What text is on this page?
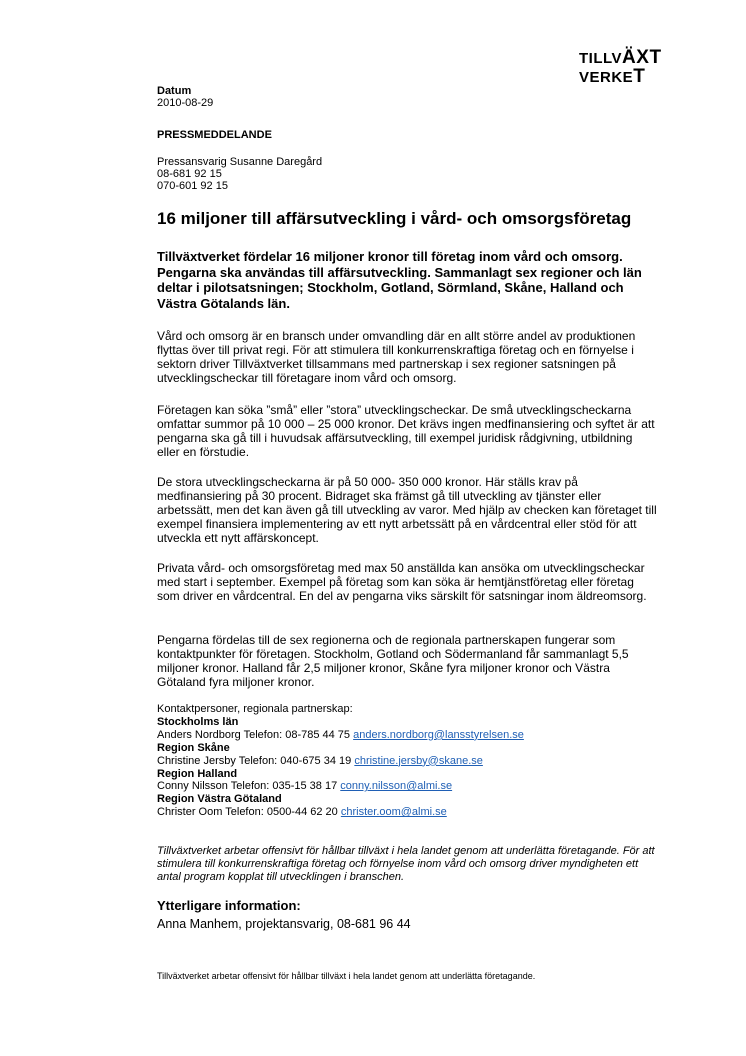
TILLVÄXT
VERKET
Datum
2010-08-29
PRESSMEDDELANDE
Pressansvarig Susanne Daregård
08-681 92 15
070-601 92 15
16 miljoner till affärsutveckling i vård- och omsorgsföretag
Tillväxtverket fördelar 16 miljoner kronor till företag inom vård och omsorg. Pengarna ska användas till affärsutveckling. Sammanlagt sex regioner och län deltar i pilotsatsningen; Stockholm, Gotland, Sörmland, Skåne, Halland och Västra Götalands län.
Vård och omsorg är en bransch under omvandling där en allt större andel av produktionen flyttas över till privat regi. För att stimulera till konkurrenskraftiga företag och en förnyelse i sektorn driver Tillväxtverket tillsammans med partnerskap i sex regioner satsningen på utvecklingscheckar till företagare inom vård och omsorg.
Företagen kan söka ”små” eller ”stora” utvecklingscheckar. De små utvecklingscheckarna omfattar summor på 10 000 – 25 000 kronor. Det krävs ingen medfinansiering och syftet är att pengarna ska gå till i huvudsak affärsutveckling, till exempel juridisk rådgivning, utbildning eller en förstudie.
De stora utvecklingscheckarna är på 50 000- 350 000 kronor. Här ställs krav på medfinansiering på 30 procent. Bidraget ska främst gå till utveckling av tjänster eller arbetssätt, men det kan även gå till utveckling av varor. Med hjälp av checken kan företaget till exempel finansiera implementering av ett nytt arbetssätt på en vårdcentral eller stöd för att utveckla ett nytt affärskoncept.
Privata vård- och omsorgsföretag med max 50 anställda kan ansöka om utvecklingscheckar med start i september. Exempel på företag som kan söka är hemtjänstföretag eller företag som driver en vårdcentral. En del av pengarna viks särskilt för satsningar inom äldreomsorg.
Pengarna fördelas till de sex regionerna och de regionala partnerskapen fungerar som kontaktpunkter för företagen. Stockholm, Gotland och Södermanland får sammanlagt 5,5 miljoner kronor. Halland får 2,5 miljoner kronor, Skåne fyra miljoner kronor och Västra Götaland fyra miljoner kronor.
Kontaktpersoner, regionala partnerskap:
Stockholms län
Anders Nordborg Telefon: 08-785 44 75 anders.nordborg@lansstyrelsen.se
Region Skåne
Christine Jersby Telefon: 040-675 34 19 christine.jersby@skane.se
Region Halland
Conny Nilsson Telefon: 035-15 38 17 conny.nilsson@almi.se
Region Västra Götaland
Christer Oom Telefon: 0500-44 62 20 christer.oom@almi.se
Tillväxtverket arbetar offensivt för hållbar tillväxt i hela landet genom att underlätta företagande. För att stimulera till konkurrenskraftiga företag och förnyelse inom vård och omsorg driver myndigheten ett antal program kopplat till utvecklingen i branschen.
Ytterligare information:
Anna Manhem, projektansvarig, 08-681 96 44
Tillväxtverket arbetar offensivt för hållbar tillväxt i hela landet genom att underlätta företagande.
